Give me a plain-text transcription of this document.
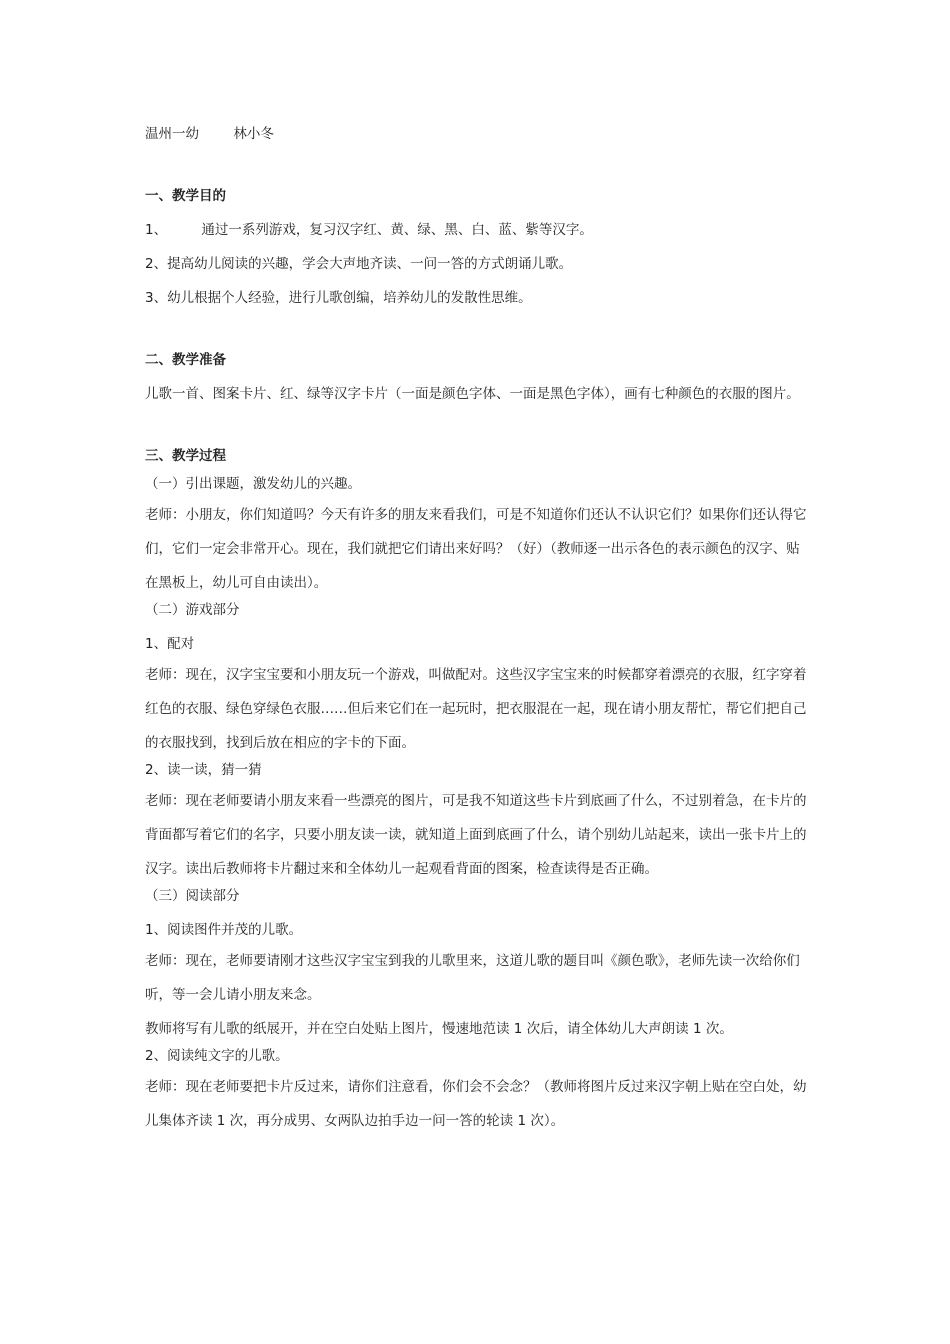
温州一幼	林小冬
一、教学目的
1、        通过一系列游戏，复习汉字红、黄、绿、黑、白、蓝、紫等汉字。
2、提高幼儿阅读的兴趣，学会大声地齐读、一问一答的方式朗诵儿歌。
3、幼儿根据个人经验，进行儿歌创编，培养幼儿的发散性思维。
二、教学准备
儿歌一首、图案卡片、红、绿等汉字卡片（一面是颜色字体、一面是黑色字体），画有七种颜色的衣服的图片。
三、教学过程
（一）引出课题，激发幼儿的兴趣。
老师：小朋友，你们知道吗？今天有许多的朋友来看我们，可是不知道你们还认不认识它们？如果你们还认得它们，它们一定会非常开心。现在，我们就把它们请出来好吗？（好）（教师逐一出示各色的表示颜色的汉字、贴在黑板上，幼儿可自由读出）。
（二）游戏部分
1、配对
老师：现在，汉字宝宝要和小朋友玩一个游戏，叫做配对。这些汉字宝宝来的时候都穿着漂亮的衣服，红字穿着红色的衣服、绿色穿绿色衣服……但后来它们在一起玩时，把衣服混在一起，现在请小朋友帮忙，帮它们把自己的衣服找到，找到后放在相应的字卡的下面。
2、读一读，猜一猜
老师：现在老师要请小朋友来看一些漂亮的图片，可是我不知道这些卡片到底画了什么，不过别着急，在卡片的背面都写着它们的名字，只要小朋友读一读，就知道上面到底画了什么，请个别幼儿站起来，读出一张卡片上的汉字。读出后教师将卡片翻过来和全体幼儿一起观看背面的图案，检查读得是否正确。
（三）阅读部分
1、阅读图件并茂的儿歌。
老师：现在，老师要请刚才这些汉字宝宝到我的儿歌里来，这道儿歌的题目叫《颜色歌》，老师先读一次给你们听，等一会儿请小朋友来念。
教师将写有儿歌的纸展开，并在空白处贴上图片，慢速地范读 1 次后，请全体幼儿大声朗读 1 次。
2、阅读纯文字的儿歌。
老师：现在老师要把卡片反过来，请你们注意看，你们会不会念？（教师将图片反过来汉字朝上贴在空白处，幼儿集体齐读 1 次，再分成男、女两队边拍手边一问一答的轮读 1 次）。
